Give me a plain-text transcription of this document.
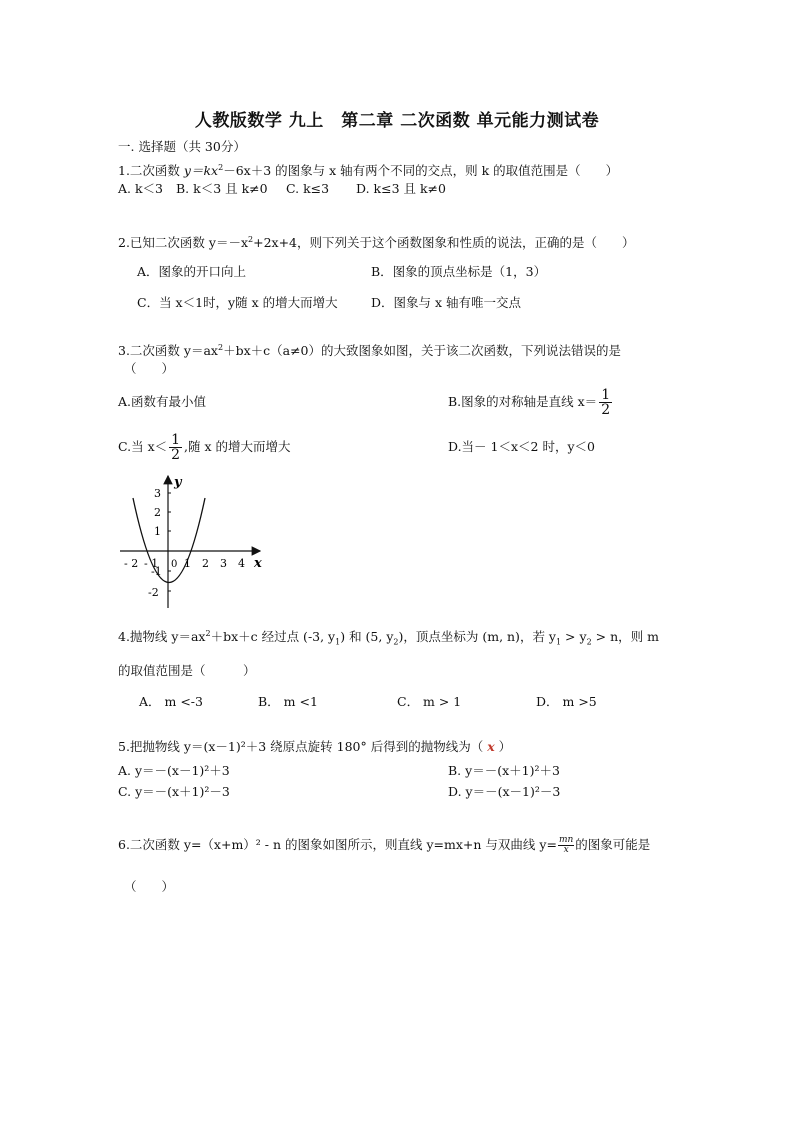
人教版数学 九上　第二章 二次函数 单元能力测试卷
一. 选择题（共 30分）
1.二次函数 $y=kx^2-6x+3$ 的图象与 x 轴有两个不同的交点，则 k 的取值范围是（　　）
A. k＜3 B. k＜3 且 k≠0 C. k≤3 D. k≤3 且 k≠0
2.已知二次函数 $y=-x^2+2x+4$，则下列关于这个函数图象和性质的说法，正确的是（　　）
A．图象的开口向上	B．图象的顶点坐标是（1，3）
C．当 x＜1时，y随 x 的增大而增大	D．图象与 x 轴有唯一交点
3.二次函数 $y=ax^2+bx+c(a\ne 0)$的大致图象如图，关于该二次函数，下列说法错误的是
（　　）
A.函数有最小值	B.图象的对称轴是直线 $x= \frac{1}{2}$
C.当 $x< \frac{1}{2}$ ,随 x 的增大而增大	D.当－ 1＜x＜2 时，y＜0
y
x
3
2
1
-1
-2
- 2 - 1 1 2 3 4
0
4.抛物线 $y=ax^2+bx+c$ 经过点 (-3, $y_1$) 和 (5, $y_2$)，顶点坐标为 (m, n)，若 $y_1 > y_2 > n$，则 m
的取值范围是（　　　）
A． m <-3	B． m <1	C． m > 1	D． m >5
5.把抛物线 y＝(x－1)²＋3 绕原点旋转 180° 后得到的抛物线为（ x ）
A. y＝－(x－1)²＋3	B. y＝－(x＋1)²＋3
C. y＝－(x＋1)²－3	D. y＝－(x－1)²－3
6.二次函数 y=（x+m）² - n 的图象如图所示，则直线 y=mx+n 与双曲线 $y= \frac{mn}{x}$ 的图象可能是
（　　）
